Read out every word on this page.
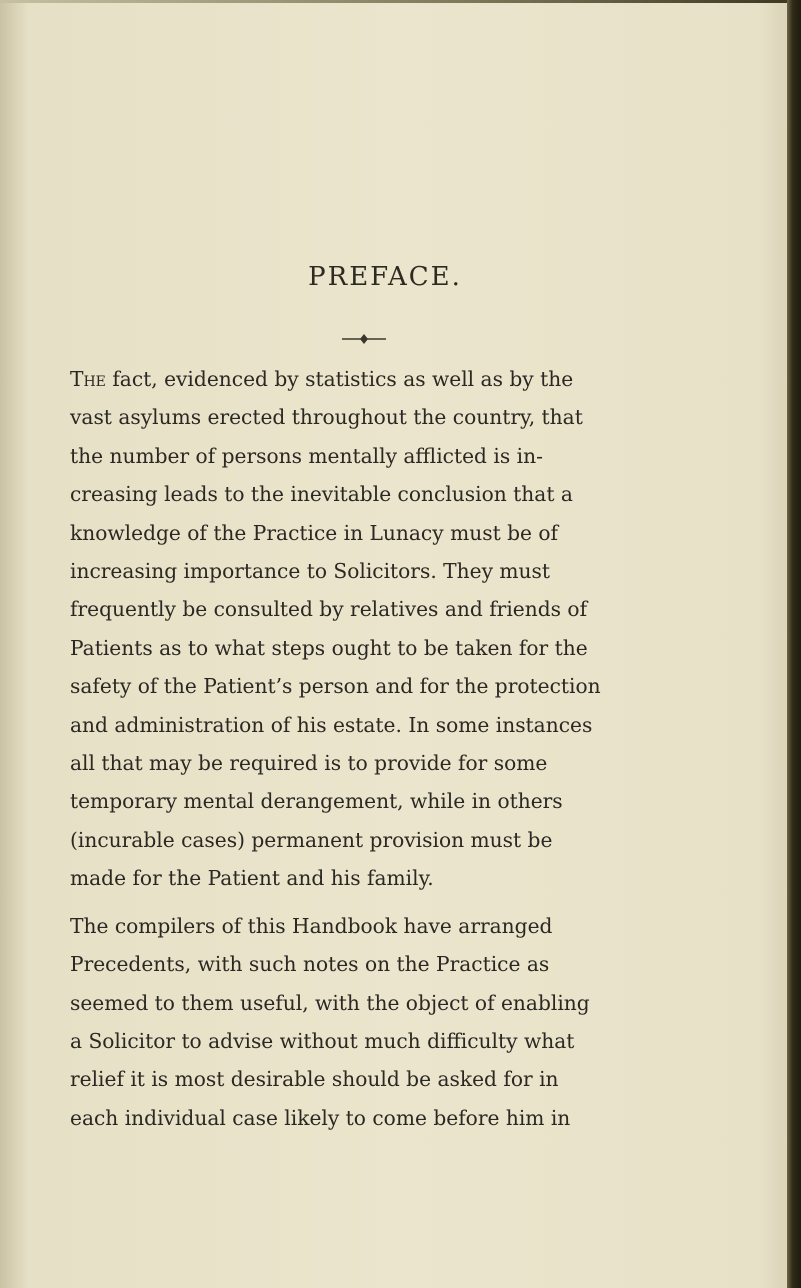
PREFACE.
The fact, evidenced by statistics as well as by the
vast asylums erected throughout the country, that
the number of persons mentally afflicted is in-
creasing leads to the inevitable conclusion that a
knowledge of the Practice in Lunacy must be of
increasing importance to Solicitors. They must
frequently be consulted by relatives and friends of
Patients as to what steps ought to be taken for the
safety of the Patient’s person and for the protection
and administration of his estate. In some instances
all that may be required is to provide for some
temporary mental derangement, while in others
(incurable cases) permanent provision must be
made for the Patient and his family.

The compilers of this Handbook have arranged
Precedents, with such notes on the Practice as
seemed to them useful, with the object of enabling
a Solicitor to advise without much difficulty what
relief it is most desirable should be asked for in
each individual case likely to come before him in
